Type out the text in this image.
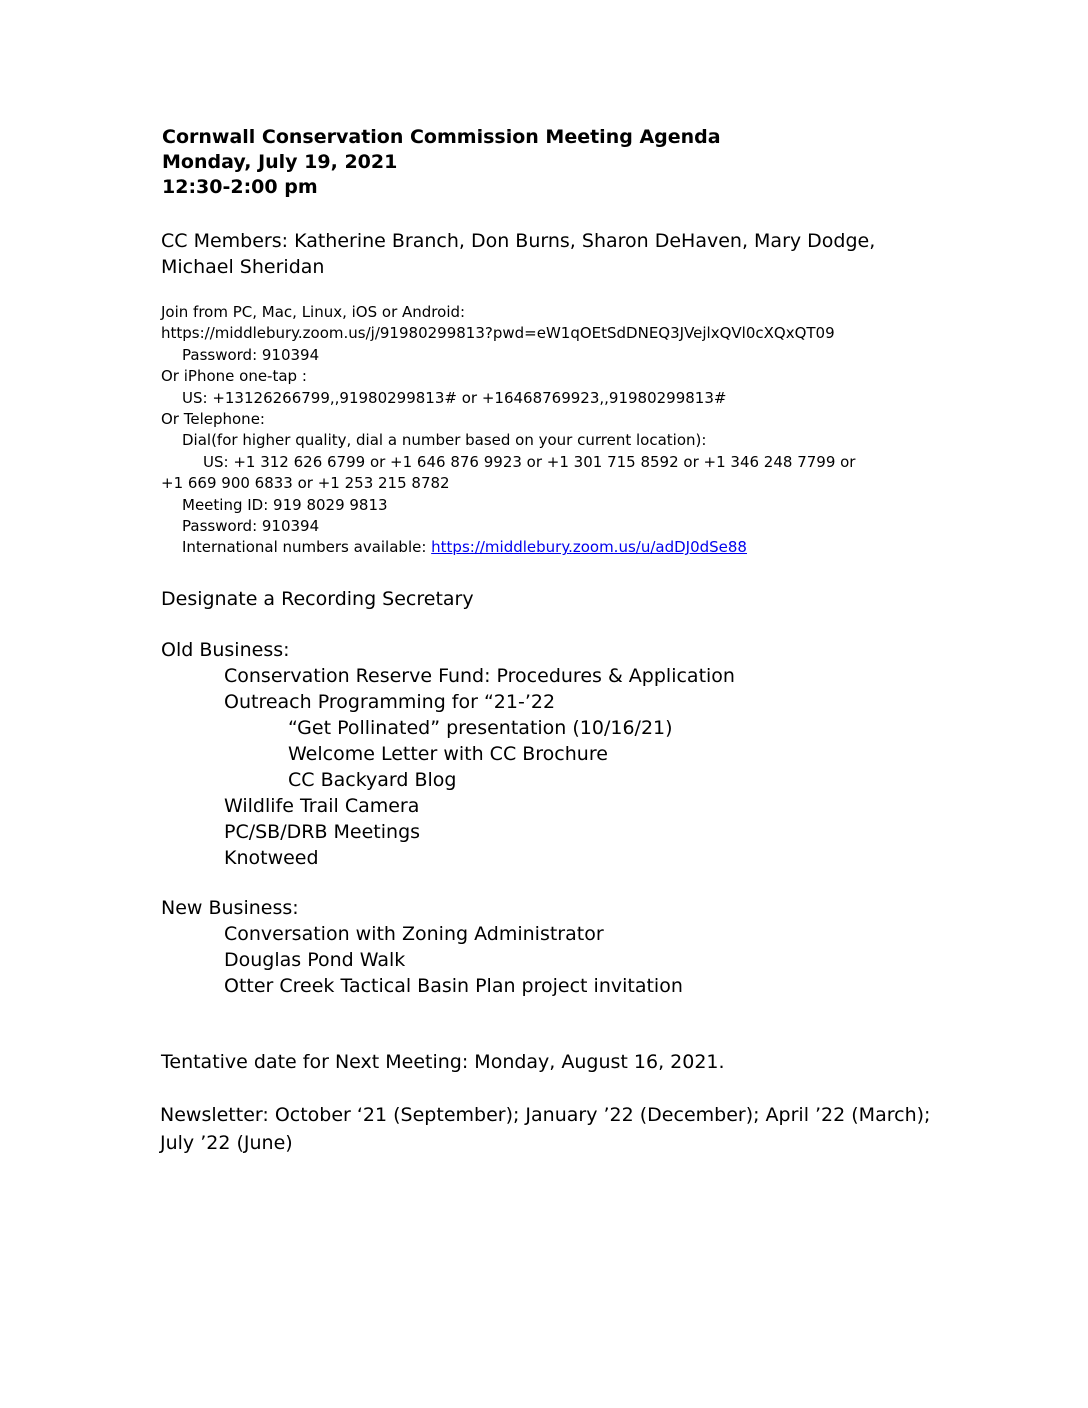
Cornwall Conservation Commission Meeting Agenda
Monday, July 19, 2021
12:30-2:00 pm
CC Members: Katherine Branch, Don Burns, Sharon DeHaven, Mary Dodge, Michael Sheridan
Join from PC, Mac, Linux, iOS or Android:
https://middlebury.zoom.us/j/91980299813?pwd=eW1qOEtSdDNEQ3JVejlxQVl0cXQxQT09
Password: 910394
Or iPhone one-tap :
US: +13126266799,,91980299813# or +16468769923,,91980299813#
Or Telephone:
Dial(for higher quality, dial a number based on your current location):
US: +1 312 626 6799 or +1 646 876 9923 or +1 301 715 8592 or +1 346 248 7799 or
+1 669 900 6833 or +1 253 215 8782
Meeting ID: 919 8029 9813
Password: 910394
International numbers available: https://middlebury.zoom.us/u/adDJ0dSe88
Designate a Recording Secretary
Old Business:
Conservation Reserve Fund: Procedures & Application
Outreach Programming for “21-’22
“Get Pollinated” presentation (10/16/21)
Welcome Letter with CC Brochure
CC Backyard Blog
Wildlife Trail Camera
PC/SB/DRB Meetings
Knotweed
New Business:
Conversation with Zoning Administrator
Douglas Pond Walk
Otter Creek Tactical Basin Plan project invitation
Tentative date for Next Meeting: Monday, August 16, 2021.
Newsletter: October ‘21 (September); January ’22 (December); April ’22 (March); July ’22 (June)
